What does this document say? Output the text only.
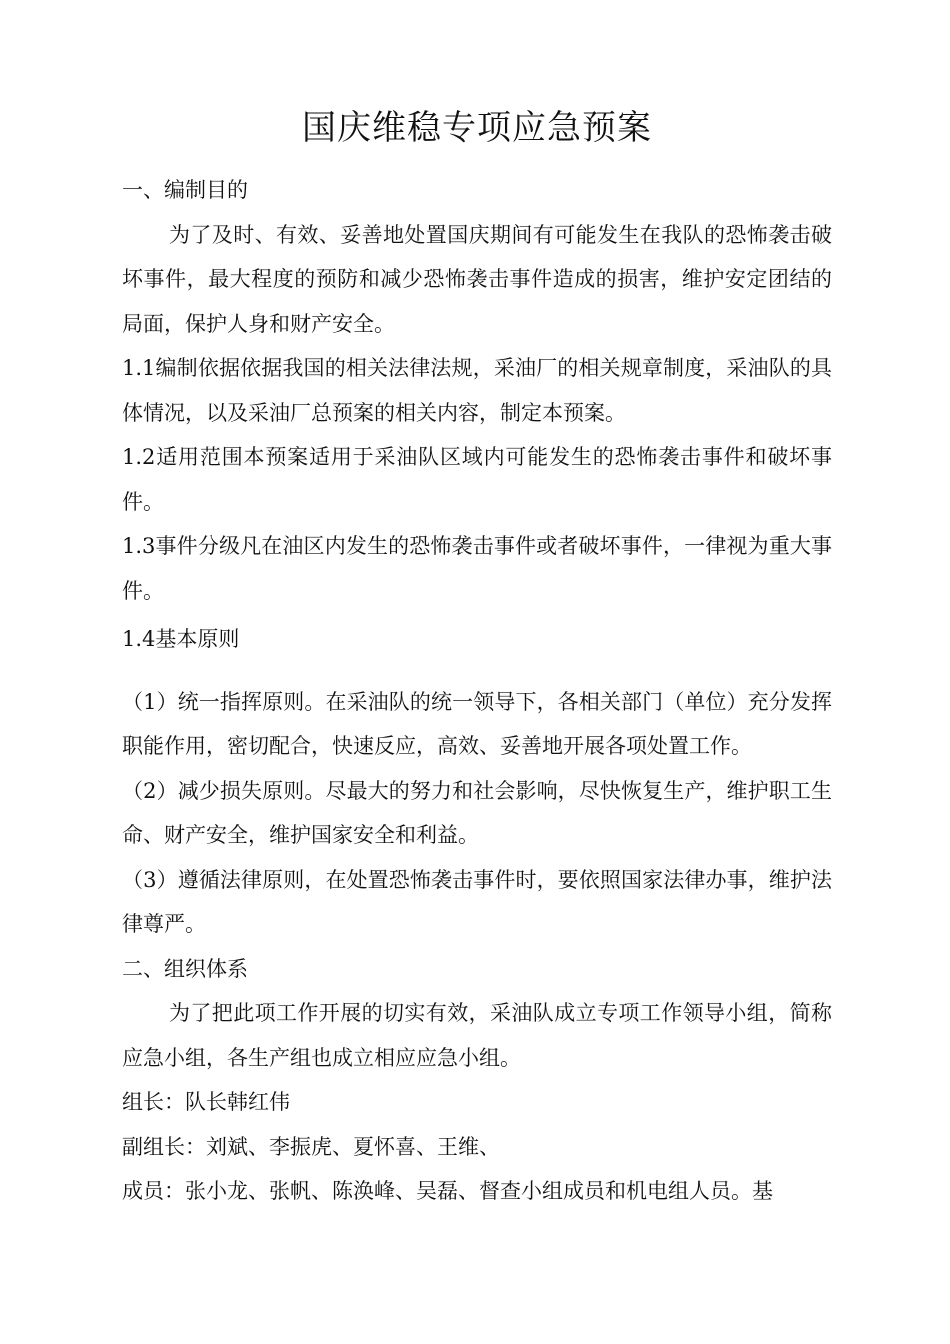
国庆维稳专项应急预案

一、编制目的

为了及时、有效、妥善地处置国庆期间有可能发生在我队的恐怖袭击破坏事件，最大程度的预防和减少恐怖袭击事件造成的损害，维护安定团结的局面，保护人身和财产安全。

1.1编制依据依据我国的相关法律法规，采油厂的相关规章制度，采油队的具体情况，以及采油厂总预案的相关内容，制定本预案。

1.2适用范围本预案适用于采油队区域内可能发生的恐怖袭击事件和破坏事件。

1.3事件分级凡在油区内发生的恐怖袭击事件或者破坏事件，一律视为重大事件。

1.4基本原则

（1）统一指挥原则。在采油队的统一领导下，各相关部门（单位）充分发挥职能作用，密切配合，快速反应，高效、妥善地开展各项处置工作。

（2）减少损失原则。尽最大的努力和社会影响，尽快恢复生产，维护职工生命、财产安全，维护国家安全和利益。

（3）遵循法律原则，在处置恐怖袭击事件时，要依照国家法律办事，维护法律尊严。

二、组织体系

为了把此项工作开展的切实有效，采油队成立专项工作领导小组，简称应急小组，各生产组也成立相应应急小组。

组长：队长韩红伟

副组长：刘斌、李振虎、夏怀喜、王维、

成员：张小龙、张帆、陈涣峰、吴磊、督查小组成员和机电组人员。基
